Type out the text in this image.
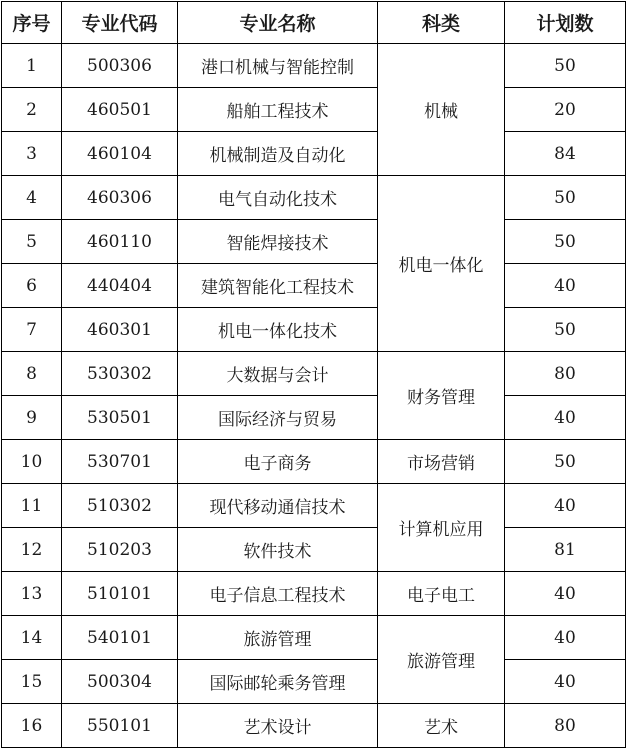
序号	专业代码	专业名称	科类	计划数
1	500306	港口机械与智能控制	机械	50
2	460501	船舶工程技术		20
3	460104	机械制造及自动化		84
4	460306	电气自动化技术	机电一体化	50
5	460110	智能焊接技术		50
6	440404	建筑智能化工程技术		40
7	460301	机电一体化技术		50
8	530302	大数据与会计	财务管理	80
9	530501	国际经济与贸易		40
10	530701	电子商务	市场营销	50
11	510302	现代移动通信技术	计算机应用	40
12	510203	软件技术		81
13	510101	电子信息工程技术	电子电工	40
14	540101	旅游管理	旅游管理	40
15	500304	国际邮轮乘务管理		40
16	550101	艺术设计	艺术	80
